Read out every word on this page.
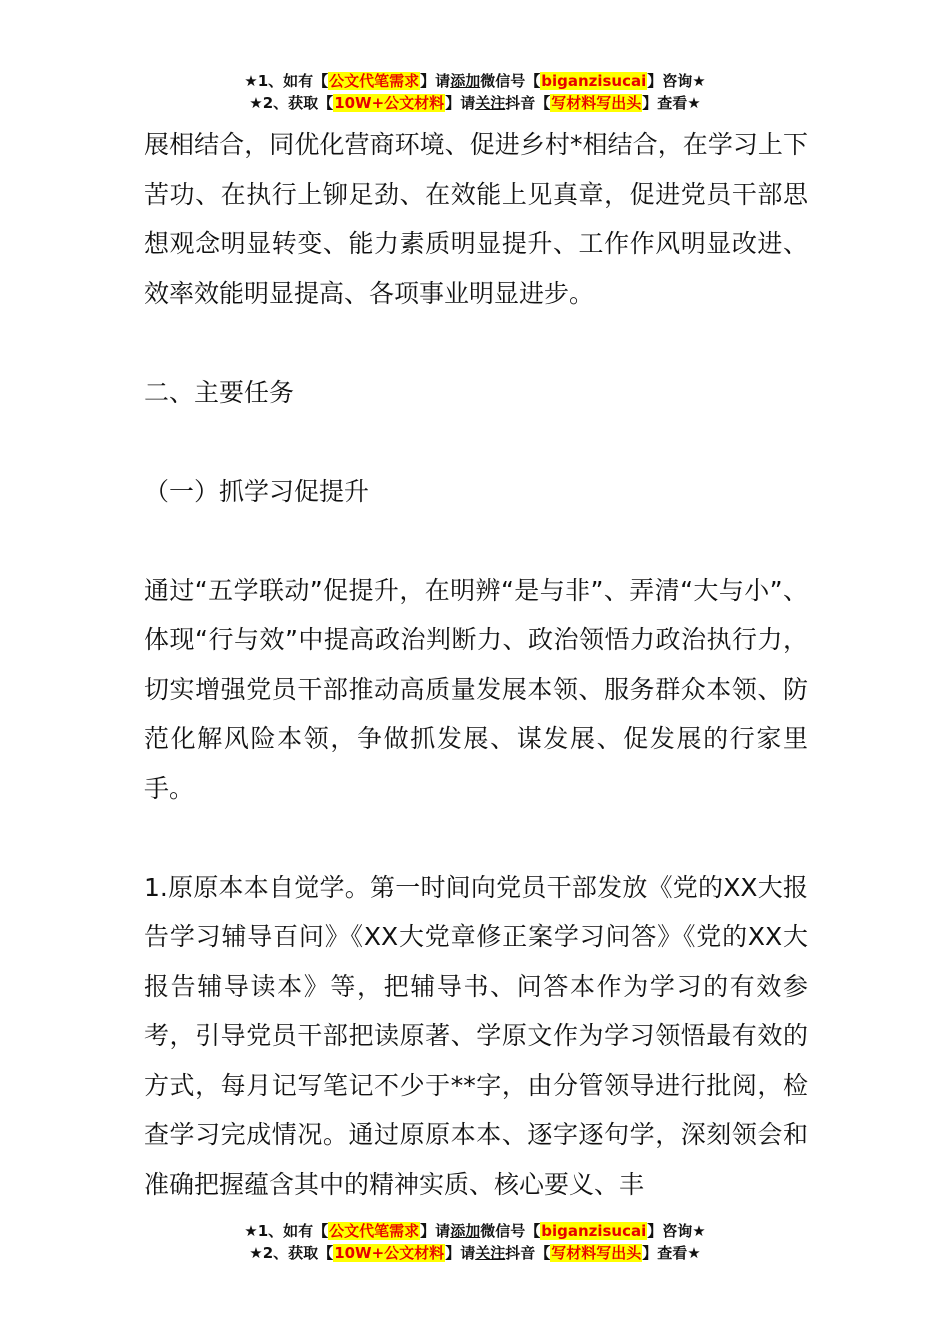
★1、如有【公文代笔需求】请添加微信号【biganzisucai】咨询★
★2、获取【10W+公文材料】请关注抖音【写材料写出头】查看★

展相结合，同优化营商环境、促进乡村*相结合，在学习上下苦功、在执行上铆足劲、在效能上见真章，促进党员干部思想观念明显转变、能力素质明显提升、工作作风明显改进、效率效能明显提高、各项事业明显进步。

二、主要任务

（一）抓学习促提升

通过“五学联动”促提升，在明辨“是与非”、弄清“大与小”、体现“行与效”中提高政治判断力、政治领悟力政治执行力，切实增强党员干部推动高质量发展本领、服务群众本领、防范化解风险本领，争做抓发展、谋发展、促发展的行家里手。

1.原原本本自觉学。第一时间向党员干部发放《党的XX大报告学习辅导百问》《XX大党章修正案学习问答》《党的XX大报告辅导读本》等，把辅导书、问答本作为学习的有效参考，引导党员干部把读原著、学原文作为学习领悟最有效的方式，每月记写笔记不少于**字，由分管领导进行批阅，检查学习完成情况。通过原原本本、逐字逐句学，深刻领会和准确把握蕴含其中的精神实质、核心要义、丰

★1、如有【公文代笔需求】请添加微信号【biganzisucai】咨询★
★2、获取【10W+公文材料】请关注抖音【写材料写出头】查看★
